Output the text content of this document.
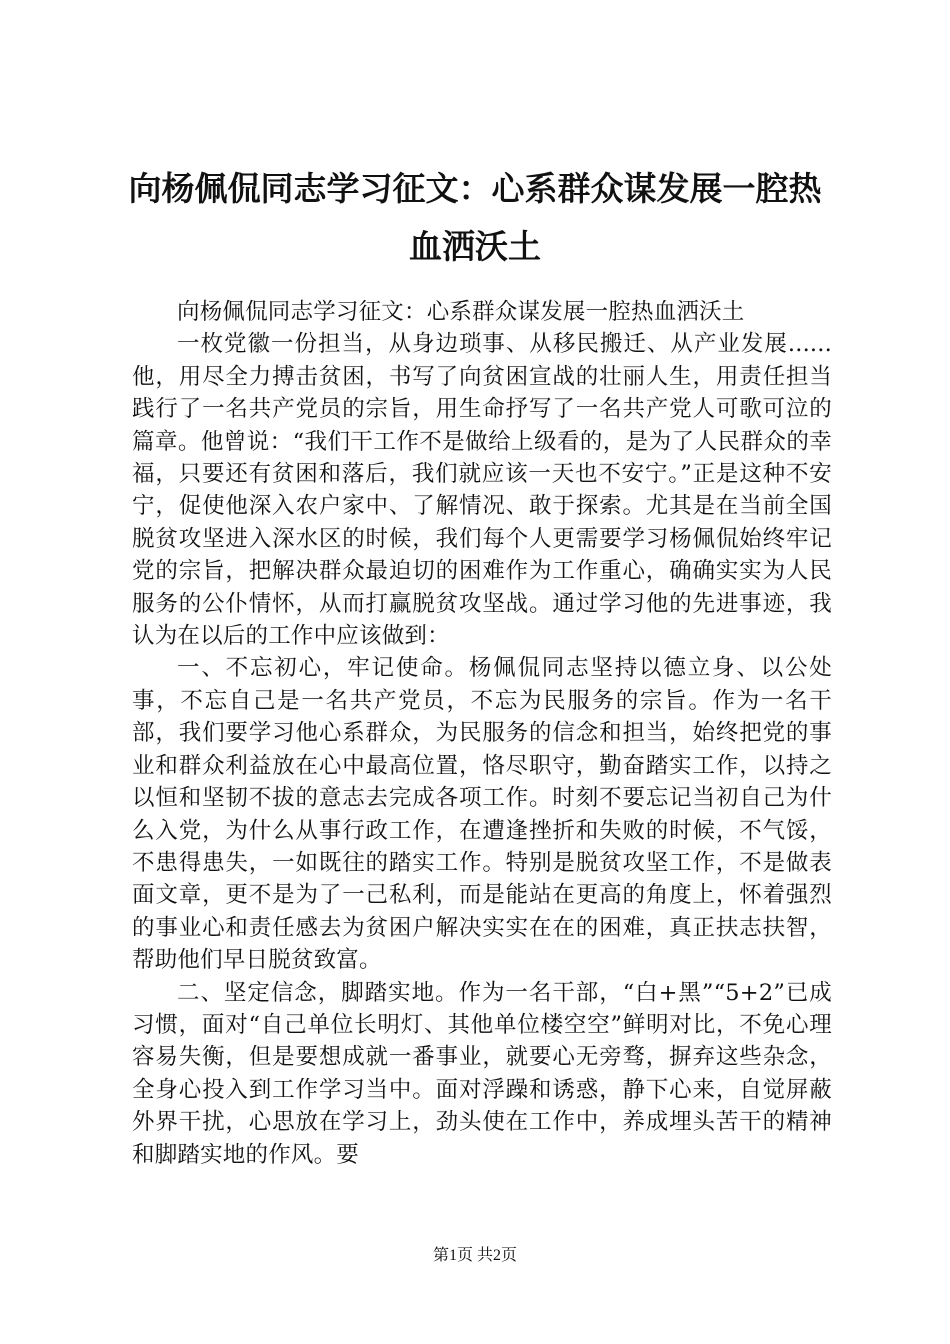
向杨佩侃同志学习征文：心系群众谋发展一腔热血洒沃土

向杨佩侃同志学习征文：心系群众谋发展一腔热血洒沃土

一枚党徽一份担当，从身边琐事、从移民搬迁、从产业发展......他，用尽全力搏击贫困，书写了向贫困宣战的壮丽人生，用责任担当践行了一名共产党员的宗旨，用生命抒写了一名共产党人可歌可泣的篇章。他曾说：“我们干工作不是做给上级看的，是为了人民群众的幸福，只要还有贫困和落后，我们就应该一天也不安宁。”正是这种不安宁，促使他深入农户家中、了解情况、敢于探索。尤其是在当前全国脱贫攻坚进入深水区的时候，我们每个人更需要学习杨佩侃始终牢记党的宗旨，把解决群众最迫切的困难作为工作重心，确确实实为人民服务的公仆情怀，从而打赢脱贫攻坚战。通过学习他的先进事迹，我认为在以后的工作中应该做到：

一、不忘初心，牢记使命。杨佩侃同志坚持以德立身、以公处事，不忘自己是一名共产党员，不忘为民服务的宗旨。作为一名干部，我们要学习他心系群众，为民服务的信念和担当，始终把党的事业和群众利益放在心中最高位置，恪尽职守，勤奋踏实工作，以持之以恒和坚韧不拔的意志去完成各项工作。时刻不要忘记当初自己为什么入党，为什么从事行政工作，在遭逢挫折和失败的时候，不气馁，不患得患失，一如既往的踏实工作。特别是脱贫攻坚工作，不是做表面文章，更不是为了一己私利，而是能站在更高的角度上，怀着强烈的事业心和责任感去为贫困户解决实实在在的困难，真正扶志扶智，帮助他们早日脱贫致富。

二、坚定信念，脚踏实地。作为一名干部，“白+黑”“5+2”已成习惯，面对“自己单位长明灯、其他单位楼空空”鲜明对比，不免心理容易失衡，但是要想成就一番事业，就要心无旁骛，摒弃这些杂念，全身心投入到工作学习当中。面对浮躁和诱惑，静下心来，自觉屏蔽外界干扰，心思放在学习上，劲头使在工作中，养成埋头苦干的精神和脚踏实地的作风。要

第1页 共2页
